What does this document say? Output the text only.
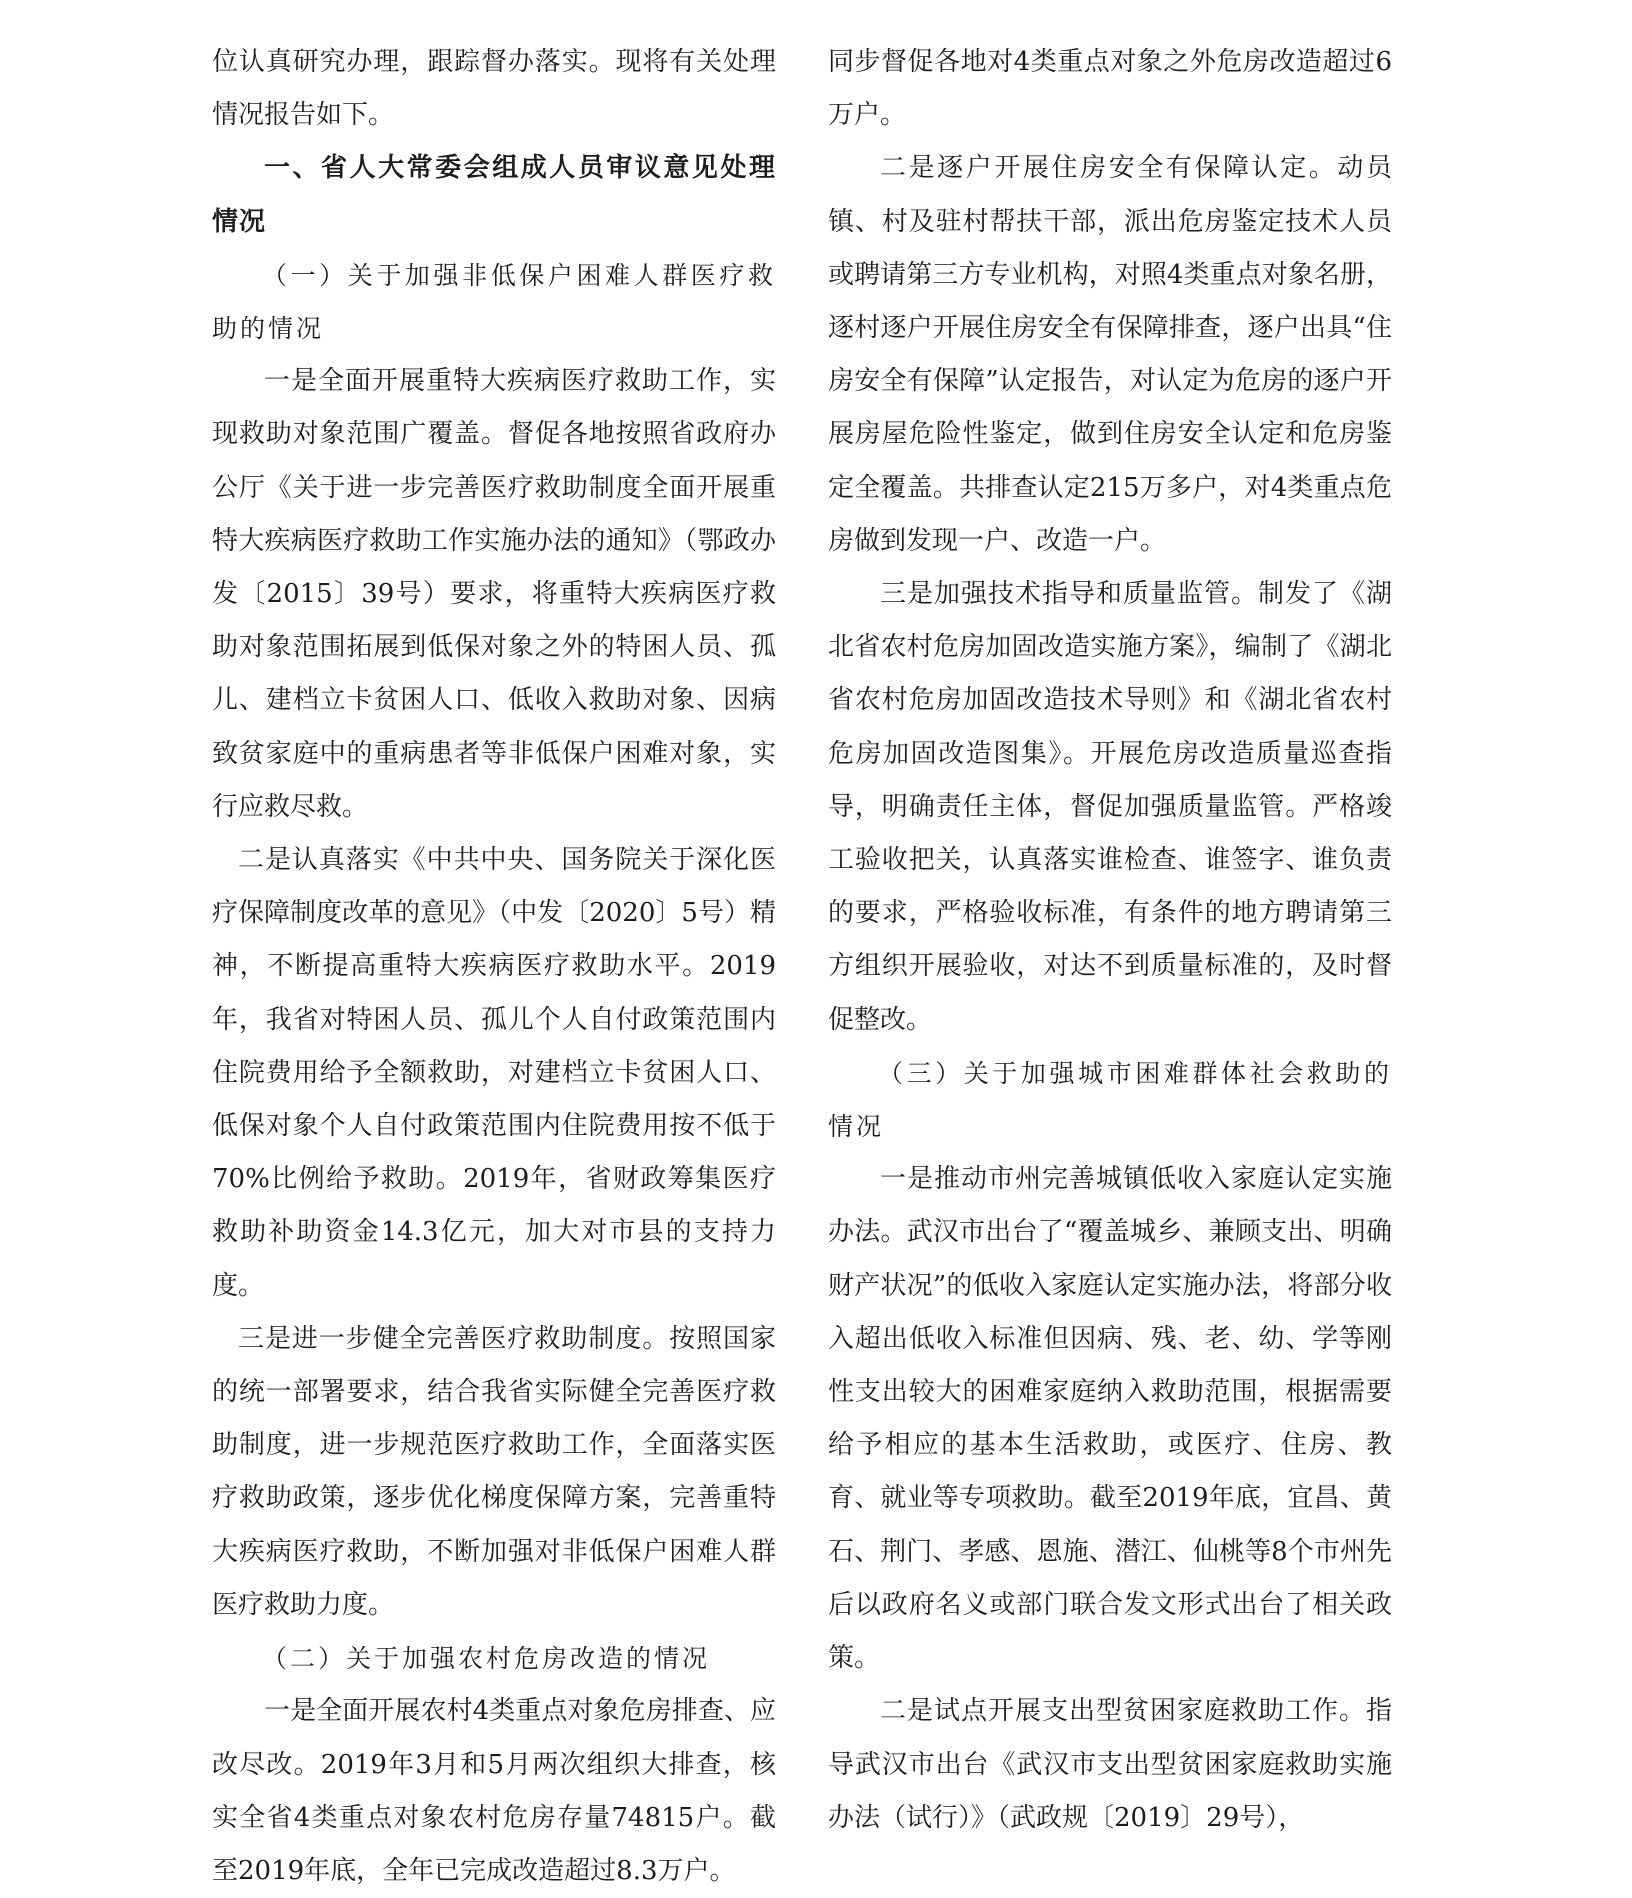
位认真研究办理，跟踪督办落实。现将有关处理情况报告如下。

一、省人大常委会组成人员审议意见处理情况

（一）关于加强非低保户困难人群医疗救助的情况

一是全面开展重特大疾病医疗救助工作，实现救助对象范围广覆盖。督促各地按照省政府办公厅《关于进一步完善医疗救助制度全面开展重特大疾病医疗救助工作实施办法的通知》（鄂政办发〔2015〕39号）要求，将重特大疾病医疗救助对象范围拓展到低保对象之外的特困人员、孤儿、建档立卡贫困人口、低收入救助对象、因病致贫家庭中的重病患者等非低保户困难对象，实行应救尽救。

二是认真落实《中共中央、国务院关于深化医疗保障制度改革的意见》（中发〔2020〕5号）精神，不断提高重特大疾病医疗救助水平。2019年，我省对特困人员、孤儿个人自付政策范围内住院费用给予全额救助，对建档立卡贫困人口、低保对象个人自付政策范围内住院费用按不低于70%比例给予救助。2019年，省财政筹集医疗救助补助资金14.3亿元，加大对市县的支持力度。

三是进一步健全完善医疗救助制度。按照国家的统一部署要求，结合我省实际健全完善医疗救助制度，进一步规范医疗救助工作，全面落实医疗救助政策，逐步优化梯度保障方案，完善重特大疾病医疗救助，不断加强对非低保户困难人群医疗救助力度。

（二）关于加强农村危房改造的情况

一是全面开展农村4类重点对象危房排查、应改尽改。2019年3月和5月两次组织大排查，核实全省4类重点对象农村危房存量74815户。截至2019年底，全年已完成改造超过8.3万户。

同步督促各地对4类重点对象之外危房改造超过6万户。

二是逐户开展住房安全有保障认定。动员镇、村及驻村帮扶干部，派出危房鉴定技术人员或聘请第三方专业机构，对照4类重点对象名册，逐村逐户开展住房安全有保障排查，逐户出具“住房安全有保障”认定报告，对认定为危房的逐户开展房屋危险性鉴定，做到住房安全认定和危房鉴定全覆盖。共排查认定215万多户，对4类重点危房做到发现一户、改造一户。

三是加强技术指导和质量监管。制发了《湖北省农村危房加固改造实施方案》，编制了《湖北省农村危房加固改造技术导则》和《湖北省农村危房加固改造图集》。开展危房改造质量巡查指导，明确责任主体，督促加强质量监管。严格竣工验收把关，认真落实谁检查、谁签字、谁负责的要求，严格验收标准，有条件的地方聘请第三方组织开展验收，对达不到质量标准的，及时督促整改。

（三）关于加强城市困难群体社会救助的情况

一是推动市州完善城镇低收入家庭认定实施办法。武汉市出台了“覆盖城乡、兼顾支出、明确财产状况”的低收入家庭认定实施办法，将部分收入超出低收入标准但因病、残、老、幼、学等刚性支出较大的困难家庭纳入救助范围，根据需要给予相应的基本生活救助，或医疗、住房、教育、就业等专项救助。截至2019年底，宜昌、黄石、荆门、孝感、恩施、潜江、仙桃等8个市州先后以政府名义或部门联合发文形式出台了相关政策。

二是试点开展支出型贫困家庭救助工作。指导武汉市出台《武汉市支出型贫困家庭救助实施办法（试行）》（武政规〔2019〕29号），
